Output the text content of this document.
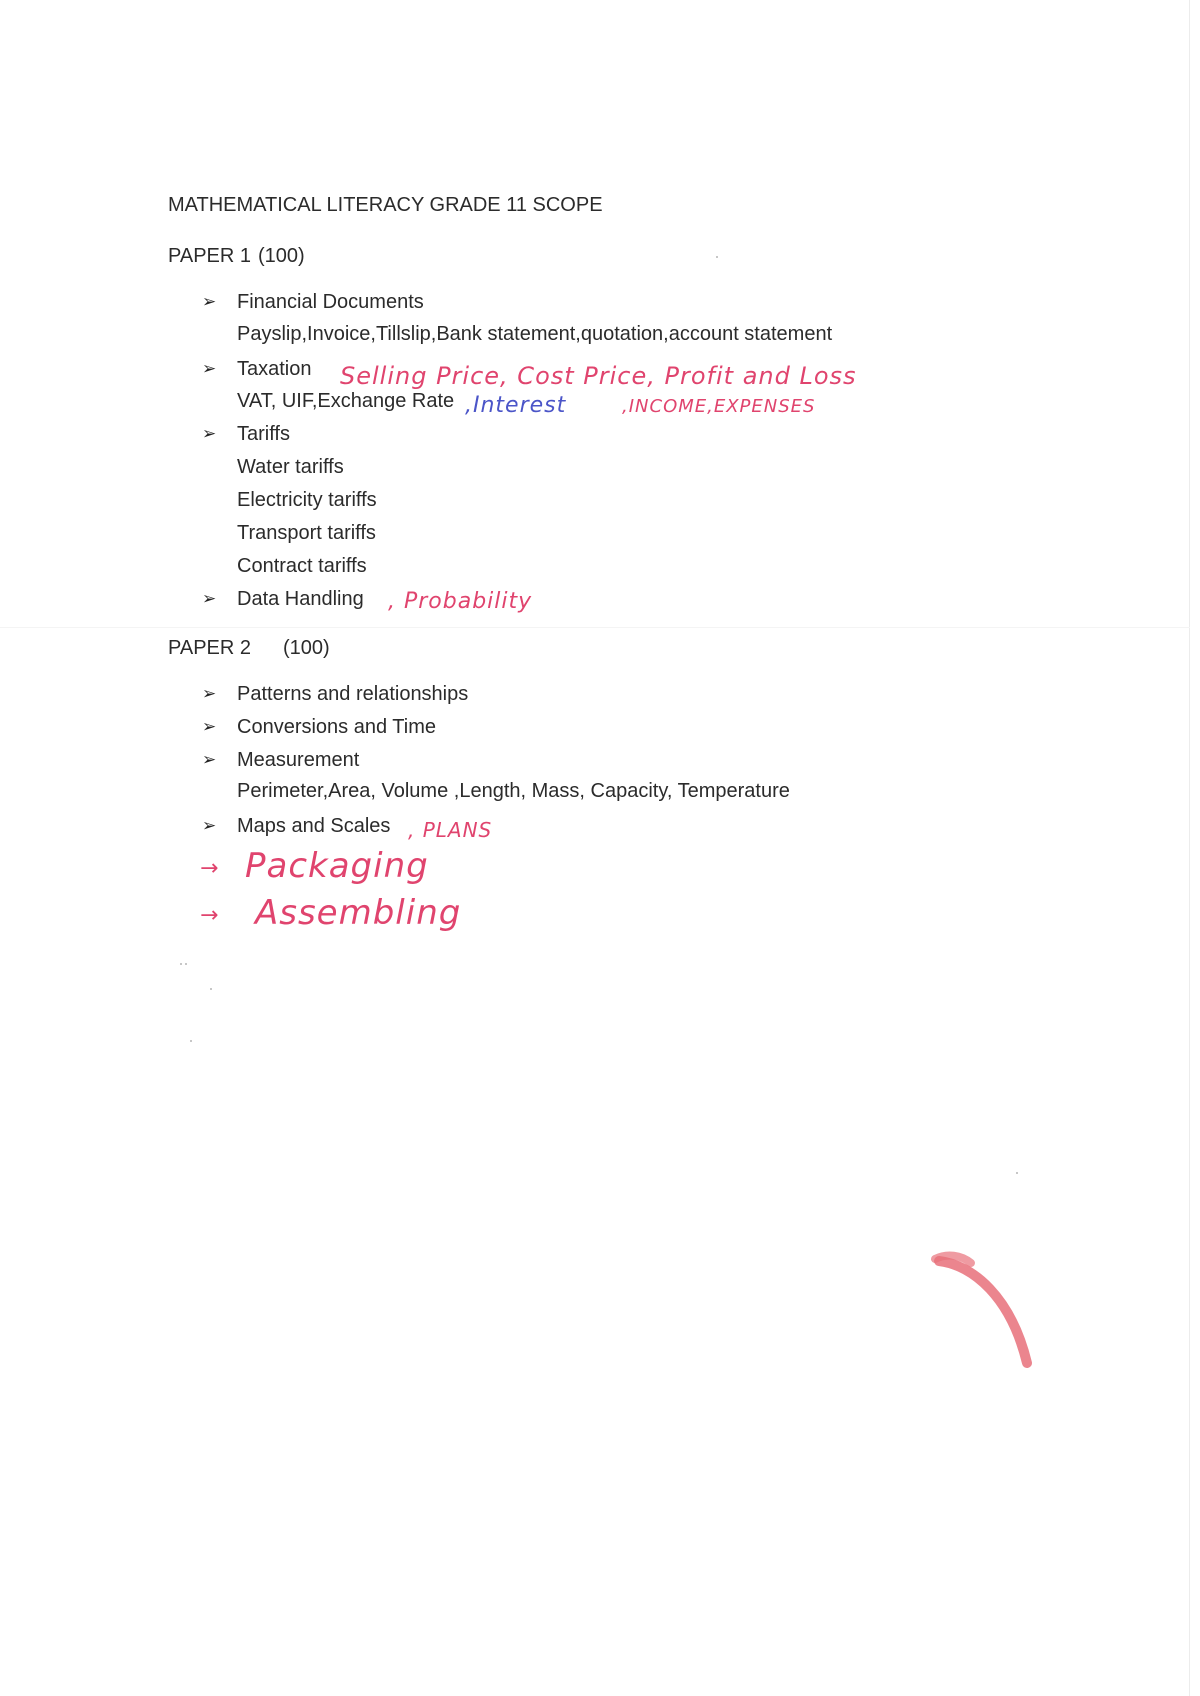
MATHEMATICAL LITERACY GRADE 11 SCOPE
PAPER 1 (100)
➢ Financial Documents
Payslip,Invoice,Tillslip,Bank statement,quotation,account statement
➢ Taxation Selling Price, Cost Price, Profit and Loss
VAT, UIF,Exchange Rate ,Interest	,INCOME,EXPENSES
➢ Tariffs
Water tariffs
Electricity tariffs
Transport tariffs
Contract tariffs
➢ Data Handling , Probability
PAPER 2 (100)
➢ Patterns and relationships
➢ Conversions and Time
➢ Measurement
Perimeter,Area, Volume ,Length, Mass, Capacity, Temperature
➢ Maps and Scales , PLANS
→ Packaging
→ Assembling
